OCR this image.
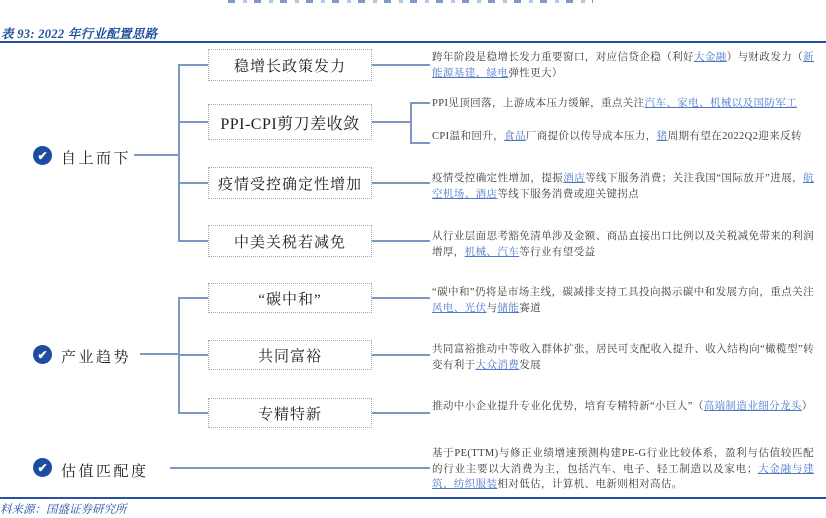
表 93: 2022 年行业配置思路
✔ 自上而下
稳增长政策发力
PPI-CPI剪刀差收敛
疫情受控确定性增加
中美关税若减免
跨年阶段是稳增长发力重要窗口，对应信贷企稳（利好大金融）与财政发力（新能源基建、绿电弹性更大）
PPI见顶回落，上游成本压力缓解，重点关注汽车、家电、机械以及国防军工
CPI温和回升，食品厂商提价以传导成本压力，猪周期有望在2022Q2迎来反转
疫情受控确定性增加，提振酒店等线下服务消费；关注我国“国际放开”进展，航空机场、酒店等线下服务消费或迎关键拐点
从行业层面思考豁免清单涉及金额、商品直接出口比例以及关税减免带来的利润增厚，机械、汽车等行业有望受益
✔ 产业趋势
“碳中和”
共同富裕
专精特新
“碳中和”仍将是市场主线，碳减排支持工具投向揭示碳中和发展方向，重点关注风电、光伏与储能赛道
共同富裕推动中等收入群体扩张，居民可支配收入提升、收入结构向“橄榄型”转变有利于大众消费发展
推动中小企业提升专业化优势，培育专精特新“小巨人”（高端制造业细分龙头）
✔ 估值匹配度
基于PE(TTM)与修正业绩增速预测构建PE-G行业比较体系，盈利与估值较匹配的行业主要以大消费为主，包括汽车、电子、轻工制造以及家电；大金融与建筑、纺织服装相对低估，计算机、电新则相对高估。
料来源：国盛证券研究所
